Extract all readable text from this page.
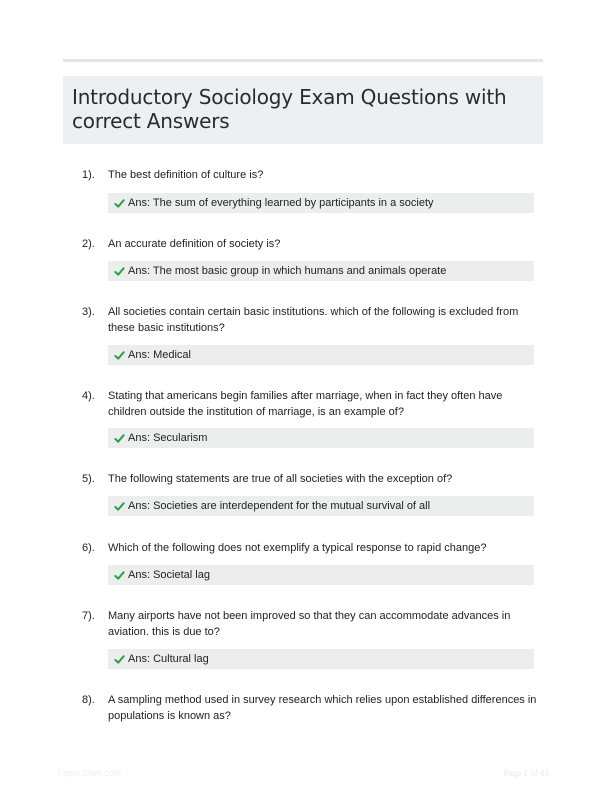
Introductory Sociology Exam Questions with correct Answers
1). The best definition of culture is?
Ans: The sum of everything learned by participants in a society
2). An accurate definition of society is?
Ans: The most basic group in which humans and animals operate
3). All societies contain certain basic institutions. which of the following is excluded from these basic institutions?
Ans: Medical
4). Stating that americans begin families after marriage, when in fact they often have children outside the institution of marriage, is an example of?
Ans: Secularism
5). The following statements are true of all societies with the exception of?
Ans: Societies are interdependent for the mutual survival of all
6). Which of the following does not exemplify a typical response to rapid change?
Ans: Societal lag
7). Many airports have not been improved so that they can accommodate advances in aviation. this is due to?
Ans: Cultural lag
8). A sampling method used in survey research which relies upon established differences in populations is known as?
PaperShelf.com	Page 1 of 41
